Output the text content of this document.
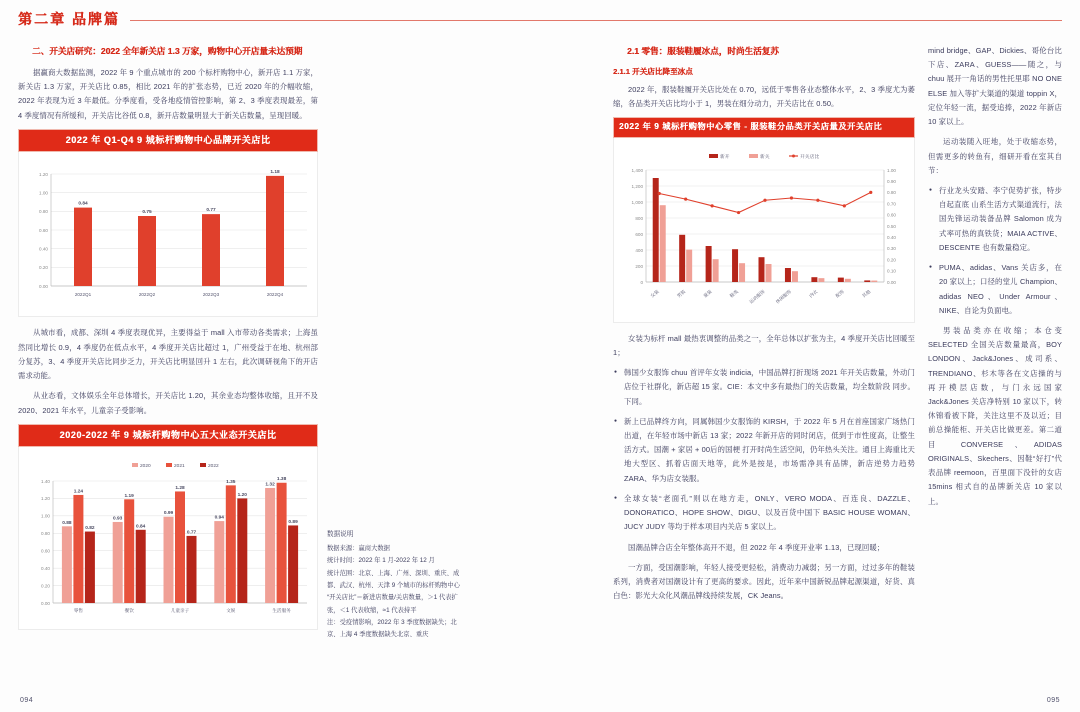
第二章 品牌篇
二、开关店研究：2022 全年新关店 1.3 万家，购物中心开店量未达预期
据赢商大数据监测，2022 年 9 个重点城市的 200 个标杆购物中心，新开店 1.1 万家，新关店 1.3 万家，开关店比 0.85，相比 2021 年的扩张态势，已近 2020 年的介幅收缩，2022 年表现为近 3 年最低。分季度看，受各地疫情管控影响，第 2、3 季度表现最差，第 4 季度情况有所缓和，开关店比谷低 0.8，新开店数量明显大于新关店数量，呈现回暖。
2022 年 Q1-Q4 9 城标杆购物中心品牌开关店比
0.00
0.20
0.40
0.60
0.80
1.00
1.20
0.84
2022Q1
0.75
2022Q2
0.77
2022Q3
1.18
2022Q4
从城市看，成都、深圳 4 季度表现优异，主要得益于 mall 入市带动各类需求；上海虽然同比增长 0.9，4 季度仍在低点水平，4 季度开关店比超过 1，广州受益于在地、杭州部分复苏，3、4 季度开关店比同步乏力，开关店比明显回升 1 左右，此次调研视角下的开店需求动能。
从业态看，文体娱乐全年总体增长，开关店比 1.20，其余业态均整体收缩，且开不及 2020、2021 年水平，儿童亲子受影响。
2020-2022 年 9 城标杆购物中心五大业态开关店比
2020	2021	2022
0.00
0.20
0.40
0.60
0.80
1.00
1.20
1.40
0.88
1.24
0.82
零售
0.93
1.19
0.84
餐饮
0.99
1.28
0.77
儿童亲子
0.94
1.35
1.20
文娱
1.32
1.38
0.89
生活服务
数据说明
数据来源：赢商大数据
统计时间：2022 年 1 月-2022 年 12 月
统计范围：北京、上海、广州、深圳、重庆、成都、武汉、杭州、天津 9 个城市的标杆购物中心
“开关店比”＝新进店数量/关店数量，＞1 代表扩张，＜1 代表收缩，≈1 代表持平
注：受疫情影响，2022 年 3 季度数据缺失；北京、上海 4 季度数据缺失北京、重庆
2.1 零售：服装鞋履冰点，时尚生活复苏
2.1.1 开关店比降至冰点
2022 年，服装鞋履开关店比处在 0.70，远低于零售各业态整体水平，2、3 季度尤为萎缩，各品类开关店比均小于 1，男装在细分动力，开关店比在 0.50。
2022 年 9 城标杆购物中心零售 - 服装鞋分品类开关店量及开关店比
新开	新关	开关店比
0
200
400
600
800
1,000
1,200
1,400
0.00
0.10
0.20
0.30
0.40
0.50
0.60
0.70
0.80
0.90
1.00
女装	男装	童装	鞋类 运动服饰 休闲服饰	内衣	配饰	其他
女装为标杆 mall 最热衷调整的品类之一，全年总体以扩张为主，4 季度开关店比回暖至 1；
● 韩国少女服饰 chuu 首评年女装 indicia，中国品牌打折现场 2021 年开关店数量，外动门店位于社群化，新店超 15 家。CIE：本文中多有最热门的关店数量，均全数阶段 同步。下同。
● 新上已品牌终方向，同属韩国少女服饰的 KIRSH，于 2022 年 5 月在首座国家广场热门出道，在年轻市场中新店 13 家；2022 年新开店的同时闭店，低到于市性度高，让整生活方式。国潮 + 家居 + 00后的国梗 打开时尚生活空间，仍年热头关注。通目上海重比天地大型区、抓着店面天地等，此外是按是，市场需净具有品牌，新店逆势力趋势 ZARA、华为店女装服。
● 全球女装“老面孔”则以在地方走，ONLY、VERO MODA、百连良、DAZZLE、DONORATICO、HOPE SHOW、DIGU、以及百货中国下 BASIC HOUSE WOMAN、JUCY JUDY 等均于样本项目内关店 5 家以上。
国潮品牌合店全年整体高开不退，但 2022 年 4 季度开业率 1.13，已现回暖；
一方面，受国潮影响，年轻人接受更轻松，消费动力减弱；另一方面，过过多年的鞋装系列，消费者对国潮设计有了更高的要求。因此，近年来中国新锐品牌起源渠道，好货、真白色：影光大众化风潮品牌线持续发展，CK Jeans。
mind bridge、GAP、Dickies、哥伦台比下店、ZARA、GUESS——随之，与 chuu 展开一角话的男性托里耶 NO ONE ELSE 加入等扩大渠道的渠道 toppin X，定位年轻一流，据受追捧，2022 年新店 10 家以上。
运动装随入旺地，处于收缩态势，但需更多的转鱼有，细研开看在室其自节：
● 行业龙头安踏、李宁促势扩张，特步自起直底 山系生活方式渠道流行，法国先锋运动装备品牌 Salomon 成为式率可热的真铁货；MAIA ACTIVE、DESCENTE 也有数量稳定。
● PUMA、adidas、Vans 关店多，在 20 家以上；口径的堂儿 Champion、adidas NEO、Under Armour、NIKE、自论为负面电。
男装品类亦在收缩；本仓变 SELECTED 全国关店数量最高，BOY LONDON、Jack&Jones、成司系、TRENDIANO、杉木等各在文店操的与再开模层店数，与门永远国家 Jack&Jones 关店净特别 10 家以下，转休锦看被下降，关注这里不及以近；目前总操能柜、开关店比做更差。第二道 目 CONVERSE、ADIDAS ORIGINALS、Skechers、因鞋“好打”代表品牌 reemoon，百里面下没针的女店 15mins 相式自的品牌新关店 10 家以上。
094	095
